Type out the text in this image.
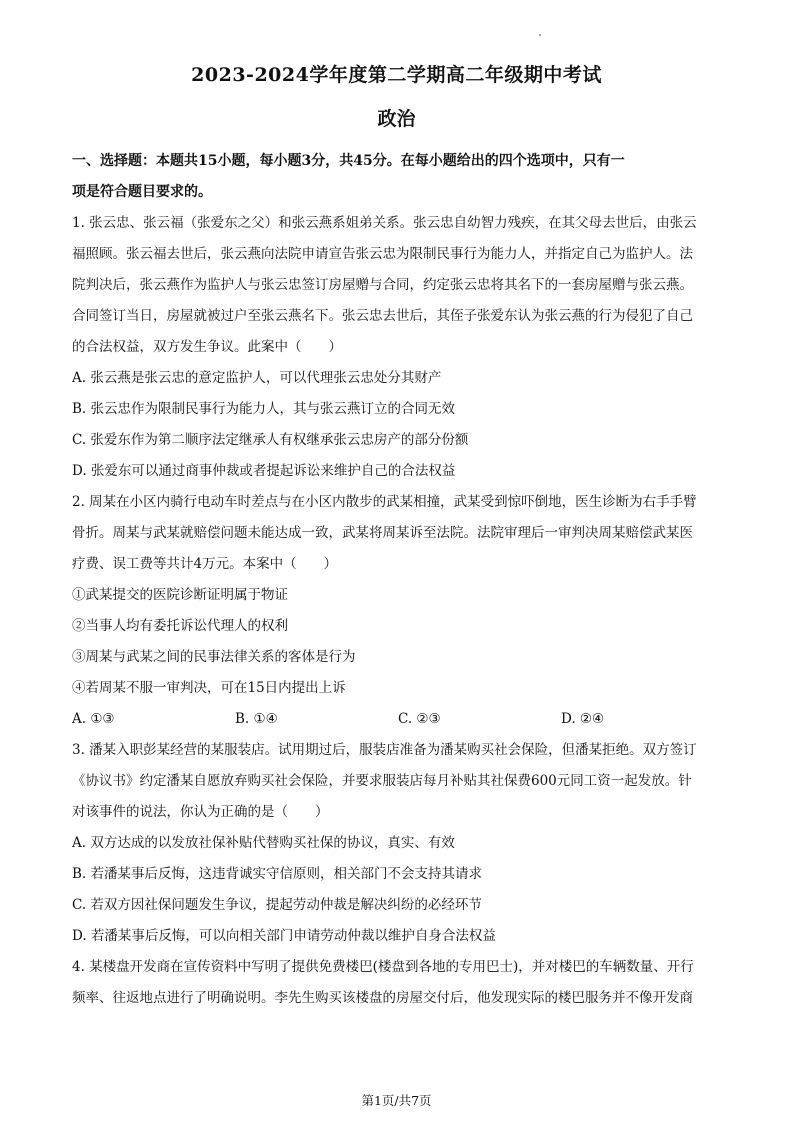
2023-2024学年度第二学期高二年级期中考试
政治
一、选择题：本题共15小题，每小题3分，共45分。在每小题给出的四个选项中，只有一
项是符合题目要求的。
1. 张云忠、张云福（张爱东之父）和张云燕系姐弟关系。张云忠自幼智力残疾，在其父母去世后，由张云
福照顾。张云福去世后，张云燕向法院申请宣告张云忠为限制民事行为能力人，并指定自己为监护人。法
院判决后，张云燕作为监护人与张云忠签订房屋赠与合同，约定张云忠将其名下的一套房屋赠与张云燕。
合同签订当日，房屋就被过户至张云燕名下。张云忠去世后，其侄子张爱东认为张云燕的行为侵犯了自己
的合法权益，双方发生争议。此案中（　　）
A. 张云燕是张云忠的意定监护人，可以代理张云忠处分其财产
B. 张云忠作为限制民事行为能力人，其与张云燕订立的合同无效
C. 张爱东作为第二顺序法定继承人有权继承张云忠房产的部分份额
D. 张爱东可以通过商事仲裁或者提起诉讼来维护自己的合法权益
2. 周某在小区内骑行电动车时差点与在小区内散步的武某相撞，武某受到惊吓倒地，医生诊断为右手手臂
骨折。周某与武某就赔偿问题未能达成一致，武某将周某诉至法院。法院审理后一审判决周某赔偿武某医
疗费、误工费等共计4万元。本案中（　　）
①武某提交的医院诊断证明属于物证
②当事人均有委托诉讼代理人的权利
③周某与武某之间的民事法律关系的客体是行为
④若周某不服一审判决，可在15日内提出上诉
A. ①③	B. ①④	C. ②③	D. ②④
3. 潘某入职彭某经营的某服装店。试用期过后，服装店准备为潘某购买社会保险，但潘某拒绝。双方签订
《协议书》约定潘某自愿放弃购买社会保险，并要求服装店每月补贴其社保费600元同工资一起发放。针
对该事件的说法，你认为正确的是（　　）
A. 双方达成的以发放社保补贴代替购买社保的协议，真实、有效
B. 若潘某事后反悔，这违背诚实守信原则，相关部门不会支持其请求
C. 若双方因社保问题发生争议，提起劳动仲裁是解决纠纷的必经环节
D. 若潘某事后反悔，可以向相关部门申请劳动仲裁以维护自身合法权益
4. 某楼盘开发商在宣传资料中写明了提供免费楼巴(楼盘到各地的专用巴士)，并对楼巴的车辆数量、开行
频率、往返地点进行了明确说明。李先生购买该楼盘的房屋交付后，他发现实际的楼巴服务并不像开发商
第1页/共7页
